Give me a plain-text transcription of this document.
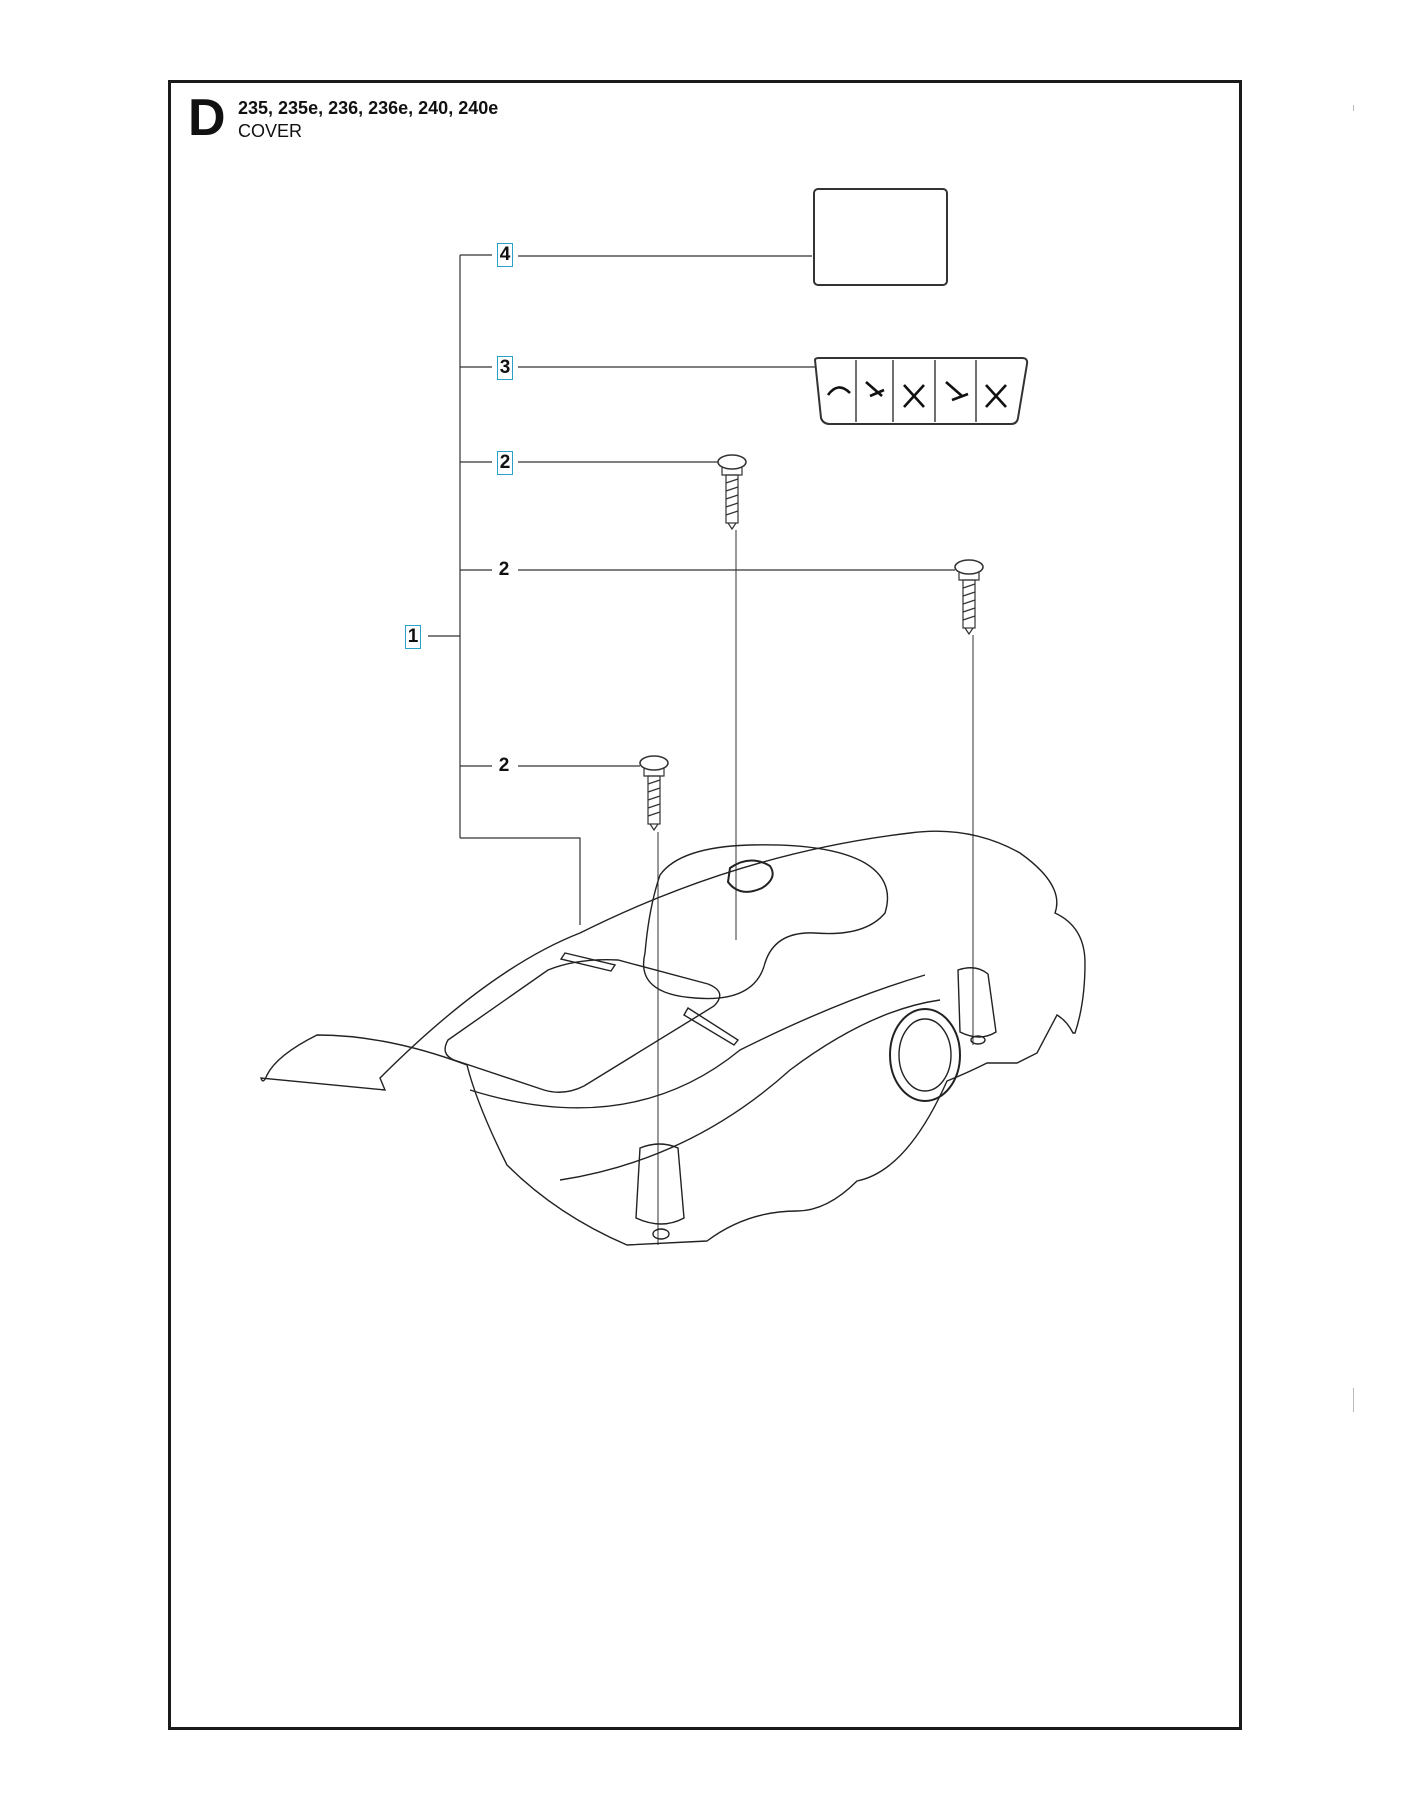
D 235, 235e, 236, 236e, 240, 240e
COVER
4
3
2
2
2
1
